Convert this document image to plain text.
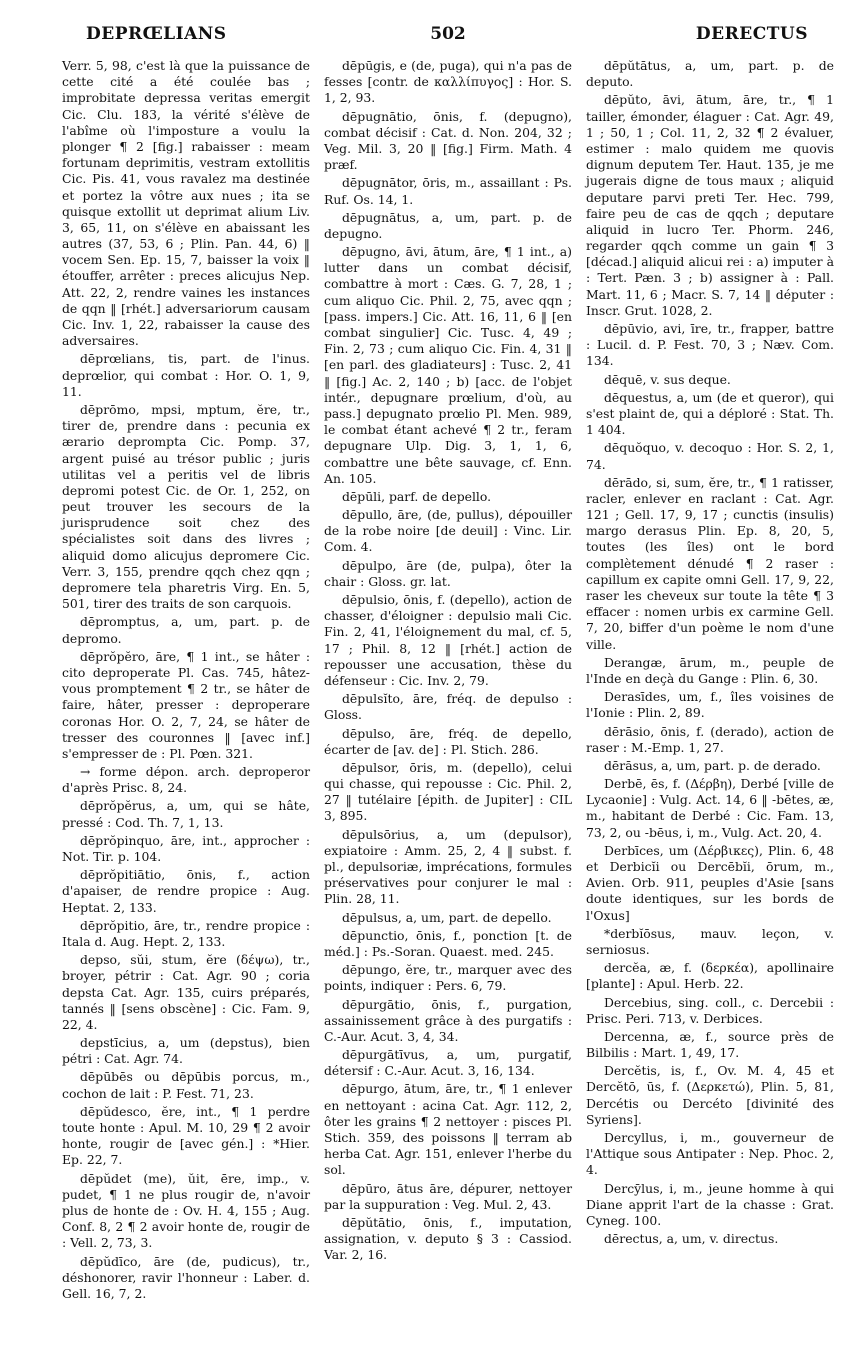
DEPRŒLIANS	502	DERECTUS

Verr. 5, 98, c'est là que la puissance de cette cité a été coulée bas ; improbitate depressa veritas emergit Cic. Clu. 183, la vérité s'élève de l'abîme où l'imposture a voulu la plonger ¶ 2 [fig.] rabaisser : meam fortunam deprimitis, vestram extollitis Cic. Pis. 41, vous ravalez ma destinée et portez la vôtre aux nues ; ita se quisque extollit ut deprimat alium Liv. 3, 65, 11, on s'élève en abaissant les autres (37, 53, 6 ; Plin. Pan. 44, 6) ‖ vocem Sen. Ep. 15, 7, baisser la voix ‖ étouffer, arrêter : preces alicujus Nep. Att. 22, 2, rendre vaines les instances de qqn ‖ [rhét.] adversariorum causam Cic. Inv. 1, 22, rabaisser la cause des adversaires.

dēprœlians, tis, part. de l'inus. deprœlior, qui combat : Hor. O. 1, 9, 11.

dēprōmo, mpsi, mptum, ĕre, tr., tirer de, prendre dans : pecunia ex ærario deprompta Cic. Pomp. 37, argent puisé au trésor public ; juris utilitas vel a peritis vel de libris depromi potest Cic. de Or. 1, 252, on peut trouver les secours de la jurisprudence soit chez des spécialistes soit dans des livres ; aliquid domo alicujus depromere Cic. Verr. 3, 155, prendre qqch chez qqn ; depromere tela pharetris Virg. En. 5, 501, tirer des traits de son carquois.

dēpromptus, a, um, part. p. de depromo.

dēprŏpĕro, āre, ¶ 1 int., se hâter : cito deproperate Pl. Cas. 745, hâtez-vous promptement ¶ 2 tr., se hâter de faire, hâter, presser : deproperare coronas Hor. O. 2, 7, 24, se hâter de tresser des couronnes ‖ [avec inf.] s'empresser de : Pl. Pœn. 321.

→ forme dépon. arch. deproperor d'après Prisc. 8, 24.

dēprŏpĕrus, a, um, qui se hâte, pressé : Cod. Th. 7, 1, 13.

dēprŏpinquo, āre, int., approcher : Not. Tir. p. 104.

dēprŏpitiātio, ōnis, f., action d'apaiser, de rendre propice : Aug. Heptat. 2, 133.

dēprŏpitio, āre, tr., rendre propice : Itala d. Aug. Hept. 2, 133.

depso, sŭi, stum, ĕre (δέψω), tr., broyer, pétrir : Cat. Agr. 90 ; coria depsta Cat. Agr. 135, cuirs préparés, tannés ‖ [sens obscène] : Cic. Fam. 9, 22, 4.

depstīcius, a, um (depstus), bien pétri : Cat. Agr. 74.

dēpūbēs ou dēpūbis porcus, m., cochon de lait : P. Fest. 71, 23.

dēpŭdesco, ĕre, int., ¶ 1 perdre toute honte : Apul. M. 10, 29 ¶ 2 avoir honte, rougir de [avec gén.] : *Hier. Ep. 22, 7.

dēpŭdet (me), ŭit, ēre, imp., v. pudet, ¶ 1 ne plus rougir de, n'avoir plus de honte de : Ov. H. 4, 155 ; Aug. Conf. 8, 2 ¶ 2 avoir honte de, rougir de : Vell. 2, 73, 3.

dēpŭdīco, āre (de, pudicus), tr., déshonorer, ravir l'honneur : Laber. d. Gell. 16, 7, 2.

dēpūgis, e (de, puga), qui n'a pas de fesses [contr. de καλλίπυγος] : Hor. S. 1, 2, 93.

dēpugnātio, ōnis, f. (depugno), combat décisif : Cat. d. Non. 204, 32 ; Veg. Mil. 3, 20 ‖ [fig.] Firm. Math. 4 præf.

dēpugnātor, ōris, m., assaillant : Ps. Ruf. Os. 14, 1.

dēpugnātus, a, um, part. p. de depugno.

dēpugno, āvi, ātum, āre, ¶ 1 int., a) lutter dans un combat décisif, combattre à mort : Cæs. G. 7, 28, 1 ; cum aliquo Cic. Phil. 2, 75, avec qqn ; [pass. impers.] Cic. Att. 16, 11, 6 ‖ [en combat singulier] Cic. Tusc. 4, 49 ; Fin. 2, 73 ; cum aliquo Cic. Fin. 4, 31 ‖ [en parl. des gladiateurs] : Tusc. 2, 41 ‖ [fig.] Ac. 2, 140 ; b) [acc. de l'objet intér., depugnare prœlium, d'où, au pass.] depugnato prœlio Pl. Men. 989, le combat étant achevé ¶ 2 tr., feram depugnare Ulp. Dig. 3, 1, 1, 6, combattre une bête sauvage, cf. Enn. An. 105.

dēpūli, parf. de depello.

dēpullo, āre, (de, pullus), dépouiller de la robe noire [de deuil] : Vinc. Lir. Com. 4.

dēpulpo, āre (de, pulpa), ôter la chair : Gloss. gr. lat.

dēpulsio, ōnis, f. (depello), action de chasser, d'éloigner : depulsio mali Cic. Fin. 2, 41, l'éloignement du mal, cf. 5, 17 ; Phil. 8, 12 ‖ [rhét.] action de repousser une accusation, thèse du défenseur : Cic. Inv. 2, 79.

dēpulsĭto, āre, fréq. de depulso : Gloss.

dēpulso, āre, fréq. de depello, écarter de [av. de] : Pl. Stich. 286.

dēpulsor, ōris, m. (depello), celui qui chasse, qui repousse : Cic. Phil. 2, 27 ‖ tutélaire [épith. de Jupiter] : CIL 3, 895.

dēpulsōrius, a, um (depulsor), expiatoire : Amm. 25, 2, 4 ‖ subst. f. pl., depulsoriæ, imprécations, formules préservatives pour conjurer le mal : Plin. 28, 11.

dēpulsus, a, um, part. de depello.

dēpunctio, ōnis, f., ponction [t. de méd.] : Ps.-Soran. Quaest. med. 245.

dēpungo, ĕre, tr., marquer avec des points, indiquer : Pers. 6, 79.

dēpurgātio, ōnis, f., purgation, assainissement grâce à des purgatifs : C.-Aur. Acut. 3, 4, 34.

dēpurgātīvus, a, um, purgatif, détersif : C.-Aur. Acut. 3, 16, 134.

dēpurgo, ātum, āre, tr., ¶ 1 enlever en nettoyant : acina Cat. Agr. 112, 2, ôter les grains ¶ 2 nettoyer : pisces Pl. Stich. 359, des poissons ‖ terram ab herba Cat. Agr. 151, enlever l'herbe du sol.

dēpūro, ātus āre, dépurer, nettoyer par la suppuration : Veg. Mul. 2, 43.

dēpŭtātio, ōnis, f., imputation, assignation, v. deputo § 3 : Cassiod. Var. 2, 16.

dēpŭtātus, a, um, part. p. de deputo.

dēpŭto, āvi, ātum, āre, tr., ¶ 1 tailler, émonder, élaguer : Cat. Agr. 49, 1 ; 50, 1 ; Col. 11, 2, 32 ¶ 2 évaluer, estimer : malo quidem me quovis dignum deputem Ter. Haut. 135, je me jugerais digne de tous maux ; aliquid deputare parvi preti Ter. Hec. 799, faire peu de cas de qqch ; deputare aliquid in lucro Ter. Phorm. 246, regarder qqch comme un gain ¶ 3 [décad.] aliquid alicui rei : a) imputer à : Tert. Pæn. 3 ; b) assigner à : Pall. Mart. 11, 6 ; Macr. S. 7, 14 ‖ députer : Inscr. Grut. 1028, 2.

dēpūvio, avi, īre, tr., frapper, battre : Lucil. d. P. Fest. 70, 3 ; Næv. Com. 134.

dēquē, v. sus deque.

dēquestus, a, um (de et queror), qui s'est plaint de, qui a déploré : Stat. Th. 1 404.

dēquŏquo, v. decoquo : Hor. S. 2, 1, 74.

dērādo, si, sum, ĕre, tr., ¶ 1 ratisser, racler, enlever en raclant : Cat. Agr. 121 ; Gell. 17, 9, 17 ; cunctis (insulis) margo derasus Plin. Ep. 8, 20, 5, toutes (les îles) ont le bord complètement dénudé ¶ 2 raser : capillum ex capite omni Gell. 17, 9, 22, raser les cheveux sur toute la tête ¶ 3 effacer : nomen urbis ex carmine Gell. 7, 20, biffer d'un poème le nom d'une ville.

Derangæ, ārum, m., peuple de l'Inde en deçà du Gange : Plin. 6, 30.

Derasīdes, um, f., îles voisines de l'Ionie : Plin. 2, 89.

dērāsio, ōnis, f. (derado), action de raser : M.-Emp. 1, 27.

dērāsus, a, um, part. p. de derado.

Derbē, ēs, f. (Δέρβη), Derbé [ville de Lycaonie] : Vulg. Act. 14, 6 ‖ -bētes, æ, m., habitant de Derbé : Cic. Fam. 13, 73, 2, ou -bēus, i, m., Vulg. Act. 20, 4.

Derbīces, um (Δέρβικες), Plin. 6, 48 et Derbicĭi ou Dercēbĭi, ōrum, m., Avien. Orb. 911, peuples d'Asie [sans doute identiques, sur les bords de l'Oxus]

*derbĭōsus, mauv. leçon, v. serniosus.

dercĕa, æ, f. (δερκέα), apollinaire [plante] : Apul. Herb. 22.

Dercebius, sing. coll., c. Dercebii : Prisc. Peri. 713, v. Derbices.

Dercenna, æ, f., source près de Bilbilis : Mart. 1, 49, 17.

Dercĕtis, is, f., Ov. M. 4, 45 et Dercĕtō, ūs, f. (Δερκετώ), Plin. 5, 81, Dercétis ou Dercéto [divinité des Syriens].

Dercyllus, i, m., gouverneur de l'Attique sous Antipater : Nep. Phoc. 2, 4.

Dercȳlus, i, m., jeune homme à qui Diane apprit l'art de la chasse : Grat. Cyneg. 100.

dērectus, a, um, v. directus.
